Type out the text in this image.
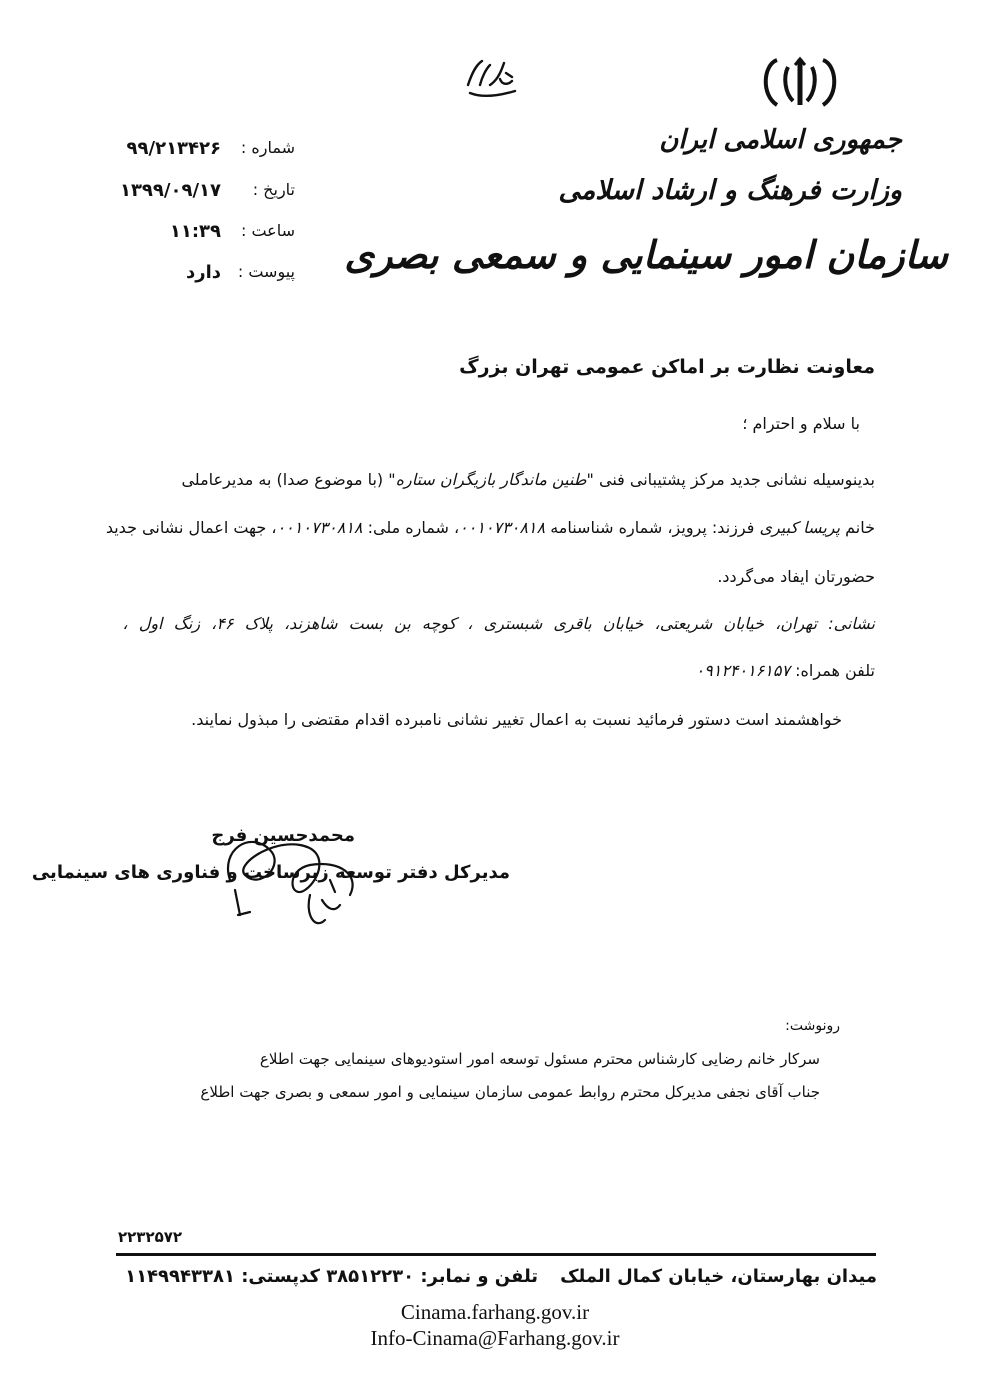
جمهوری اسلامی ایران
وزارت فرهنگ و ارشاد اسلامی
سازمان امور سینمایی و سمعی بصری
شماره :
۹۹/۲۱۳۴۲۶
تاریخ :
۱۳۹۹/۰۹/۱۷
ساعت :
۱۱:۳۹
پیوست :
دارد
معاونت نظارت بر اماکن عمومی تهران بزرگ
با سلام و احترام ؛
بدینوسیله نشانی جدید مرکز پشتیبانی فنی "طنین ماندگار بازیگران ستاره" (با موضوع صدا) به مدیرعاملی
خانم پریسا کبیری فرزند: پرویز، شماره شناسنامه ۰۰۱۰۷۳۰۸۱۸، شماره ملی: ۰۰۱۰۷۳۰۸۱۸، جهت اعمال نشانی جدید
حضورتان ایفاد می‌گردد.
نشانی: تهران، خیابان شریعتی، خیابان باقری شبستری ، کوچه بن بست شاهزند، پلاک ۴۶، زنگ اول ،
تلفن همراه: ۰۹۱۲۴۰۱۶۱۵۷
خواهشمند است دستور فرمائید نسبت به اعمال تغییر نشانی نامبرده اقدام مقتضی را مبذول نمایند.
محمدحسین فرج
مدیرکل دفتر توسعه زیرساخت و فناوری های سینمایی
رونوشت:
سرکار خانم رضایی کارشناس محترم مسئول توسعه امور استودیوهای سینمایی جهت اطلاع
جناب آقای نجفی مدیرکل محترم روابط عمومی سازمان سینمایی و امور سمعی و بصری جهت اطلاع
۲۲۳۲۵۷۲
میدان بهارستان، خیابان کمال الملکتلفن و نمابر: ۳۸۵۱۲۲۳۰ کدپستی: ۱۱۴۹۹۴۳۳۸۱
Cinama.farhang.gov.ir
Info-Cinama@Farhang.gov.ir
